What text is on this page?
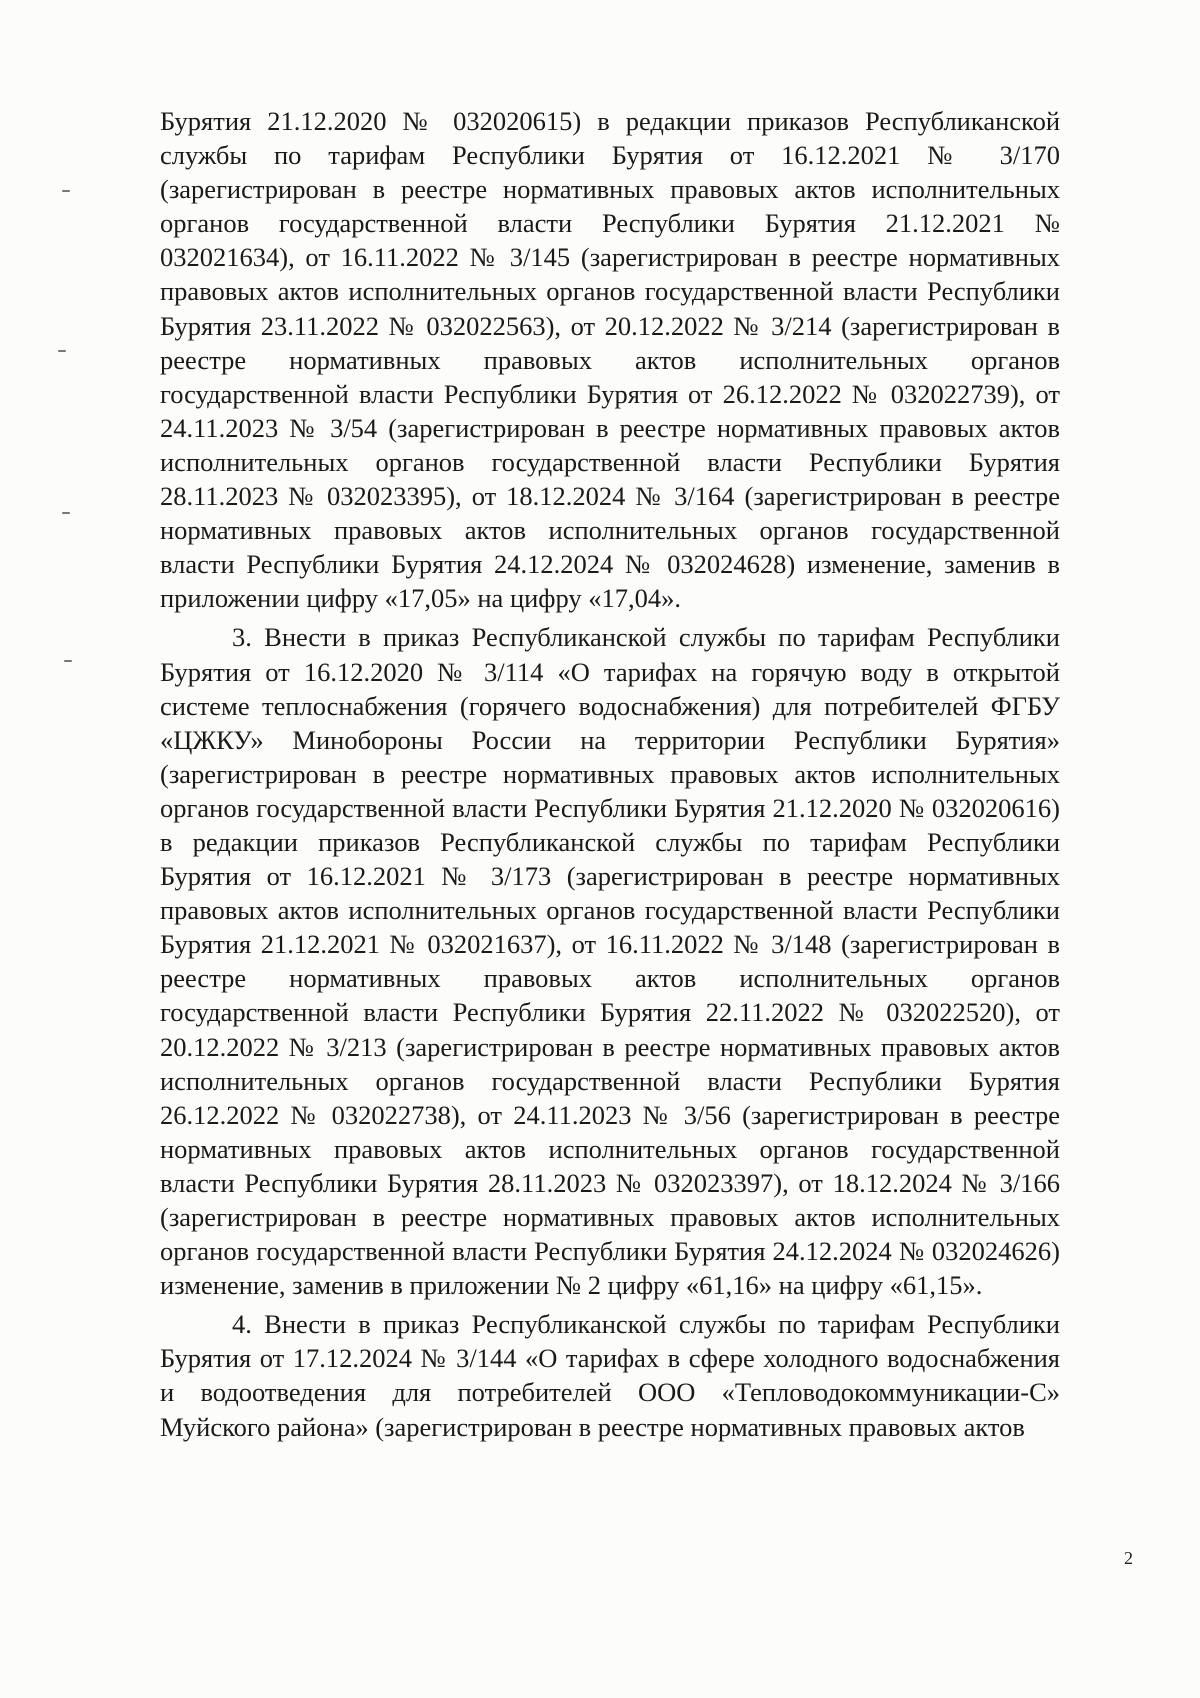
Бурятия 21.12.2020 № 032020615) в редакции приказов Республиканской службы по тарифам Республики Бурятия от 16.12.2021 № 3/170 (зарегистрирован в реестре нормативных правовых актов исполнительных органов государственной власти Республики Бурятия 21.12.2021 № 032021634), от 16.11.2022 № 3/145 (зарегистрирован в реестре нормативных правовых актов исполнительных органов государственной власти Республики Бурятия 23.11.2022 № 032022563), от 20.12.2022 № 3/214 (зарегистрирован в реестре нормативных правовых актов исполнительных органов государственной власти Республики Бурятия от 26.12.2022 № 032022739), от 24.11.2023 № 3/54 (зарегистрирован в реестре нормативных правовых актов исполнительных органов государственной власти Республики Бурятия 28.11.2023 № 032023395), от 18.12.2024 № 3/164 (зарегистрирован в реестре нормативных правовых актов исполнительных органов государственной власти Республики Бурятия 24.12.2024 № 032024628) изменение, заменив в приложении цифру «17,05» на цифру «17,04».

3. Внести в приказ Республиканской службы по тарифам Республики Бурятия от 16.12.2020 № 3/114 «О тарифах на горячую воду в открытой системе теплоснабжения (горячего водоснабжения) для потребителей ФГБУ «ЦЖКУ» Минобороны России на территории Республики Бурятия» (зарегистрирован в реестре нормативных правовых актов исполнительных органов государственной власти Республики Бурятия 21.12.2020 № 032020616) в редакции приказов Республиканской службы по тарифам Республики Бурятия от 16.12.2021 № 3/173 (зарегистрирован в реестре нормативных правовых актов исполнительных органов государственной власти Республики Бурятия 21.12.2021 № 032021637), от 16.11.2022 № 3/148 (зарегистрирован в реестре нормативных правовых актов исполнительных органов государственной власти Республики Бурятия 22.11.2022 № 032022520), от 20.12.2022 № 3/213 (зарегистрирован в реестре нормативных правовых актов исполнительных органов государственной власти Республики Бурятия 26.12.2022 № 032022738), от 24.11.2023 № 3/56 (зарегистрирован в реестре нормативных правовых актов исполнительных органов государственной власти Республики Бурятия 28.11.2023 № 032023397), от 18.12.2024 № 3/166 (зарегистрирован в реестре нормативных правовых актов исполнительных органов государственной власти Республики Бурятия 24.12.2024 № 032024626) изменение, заменив в приложении № 2 цифру «61,16» на цифру «61,15».

4. Внести в приказ Республиканской службы по тарифам Республики Бурятия от 17.12.2024 № 3/144 «О тарифах в сфере холодного водоснабжения и водоотведения для потребителей ООО «Тепловодокоммуникации-С» Муйского района» (зарегистрирован в реестре нормативных правовых актов

2
